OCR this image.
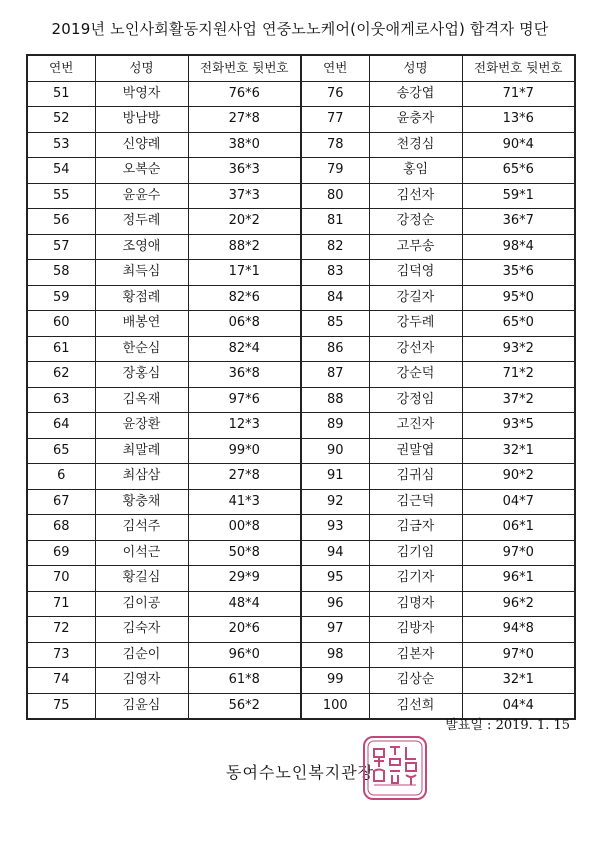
2019년 노인사회활동지원사업 연중노노케어(이웃애게로사업) 합격자 명단
연번	성명	전화번호 뒷번호	연번	성명	전화번호 뒷번호
51	박영자	76*6	76	송강엽	71*7
52	방남방	27*8	77	윤충자	13*6
53	신양례	38*0	78	천경심	90*4
54	오복순	36*3	79	홍임	65*6
55	윤윤수	37*3	80	김선자	59*1
56	정두례	20*2	81	강정순	36*7
57	조영애	88*2	82	고무송	98*4
58	최득심	17*1	83	김덕영	35*6
59	황점례	82*6	84	강길자	95*0
60	배봉연	06*8	85	강두례	65*0
61	한순심	82*4	86	강선자	93*2
62	장홍심	36*8	87	강순덕	71*2
63	김옥재	97*6	88	강정임	37*2
64	윤장환	12*3	89	고진자	93*5
65	최말례	99*0	90	권말엽	32*1
6	최삼삼	27*8	91	김귀심	90*2
67	황충채	41*3	92	김근덕	04*7
68	김석주	00*8	93	김금자	06*1
69	이석근	50*8	94	김기임	97*0
70	황길심	29*9	95	김기자	96*1
71	김이공	48*4	96	김명자	96*2
72	김숙자	20*6	97	김방자	94*8
73	김순이	96*0	98	김본자	97*0
74	김영자	61*8	99	김상순	32*1
75	김윤심	56*2	100	김선희	04*4
발표일 : 2019. 1. 15
동여수노인복지관장
